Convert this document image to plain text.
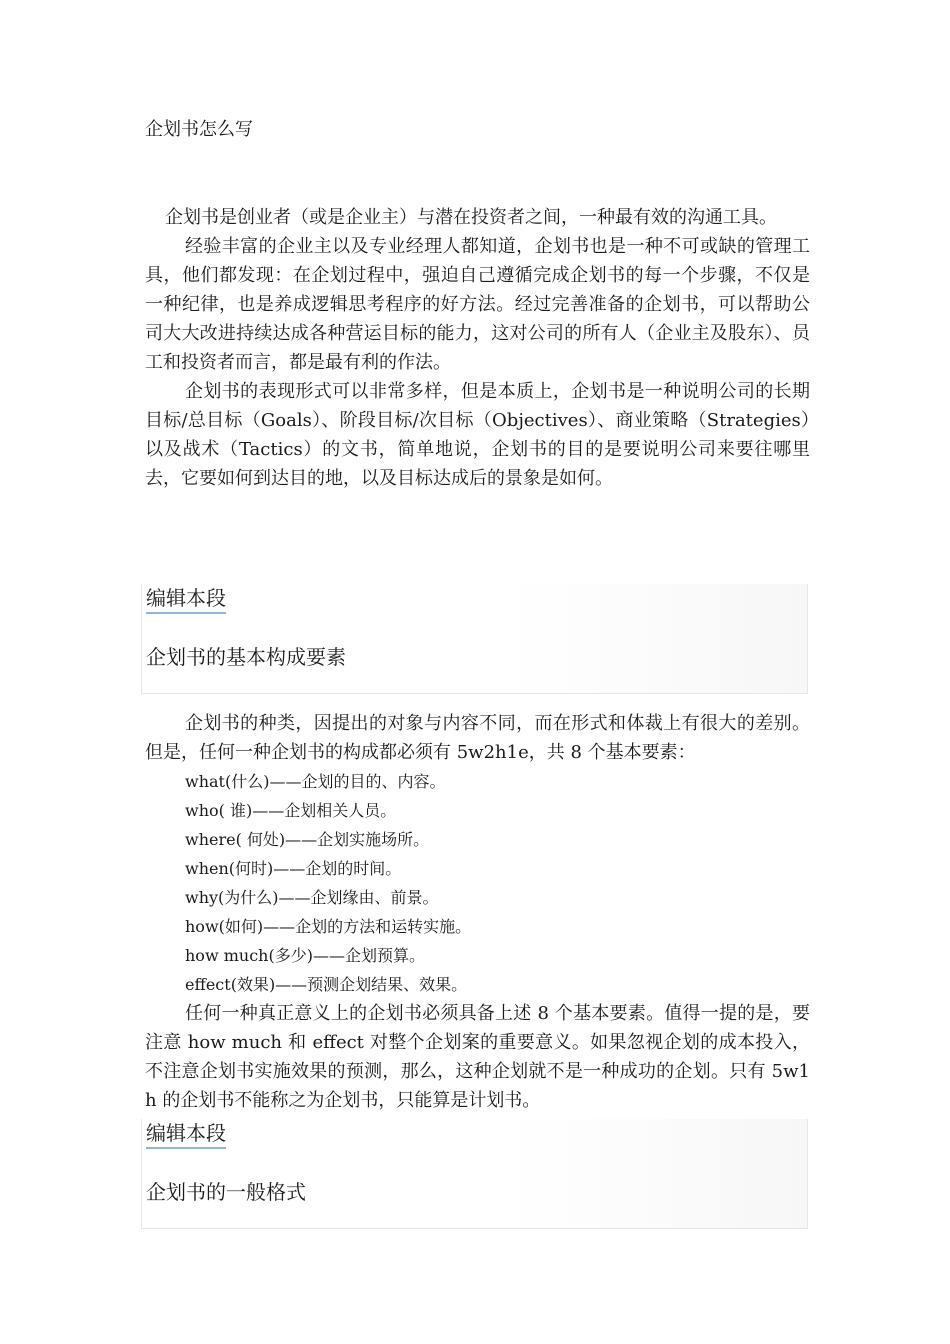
企划书怎么写

企划书是创业者（或是企业主）与潜在投资者之间，一种最有效的沟通工具。

经验丰富的企业主以及专业经理人都知道，企划书也是一种不可或缺的管理工具，他们都发现：在企划过程中，强迫自己遵循完成企划书的每一个步骤，不仅是一种纪律，也是养成逻辑思考程序的好方法。经过完善准备的企划书，可以帮助公司大大改进持续达成各种营运目标的能力，这对公司的所有人（企业主及股东）、员工和投资者而言，都是最有利的作法。

企划书的表现形式可以非常多样，但是本质上，企划书是一种说明公司的长期目标/总目标（Goals）、阶段目标/次目标（Objectives）、商业策略（Strategies）以及战术（Tactics）的文书，简单地说，企划书的目的是要说明公司来要往哪里去，它要如何到达目的地，以及目标达成后的景象是如何。

编辑本段
企划书的基本构成要素

企划书的种类，因提出的对象与内容不同，而在形式和体裁上有很大的差别。但是，任何一种企划书的构成都必须有 5w2h1e，共 8 个基本要素：

what(什么)——企划的目的、内容。

who( 谁)——企划相关人员。

where( 何处)——企划实施场所。

when(何时)——企划的时间。

why(为什么)——企划缘由、前景。

how(如何)——企划的方法和运转实施。

how much(多少)——企划预算。

effect(效果)——预测企划结果、效果。

任何一种真正意义上的企划书必须具备上述 8 个基本要素。值得一提的是，要注意 how much 和 effect 对整个企划案的重要意义。如果忽视企划的成本投入，不注意企划书实施效果的预测，那么，这种企划就不是一种成功的企划。只有 5w1h 的企划书不能称之为企划书，只能算是计划书。

编辑本段
企划书的一般格式
